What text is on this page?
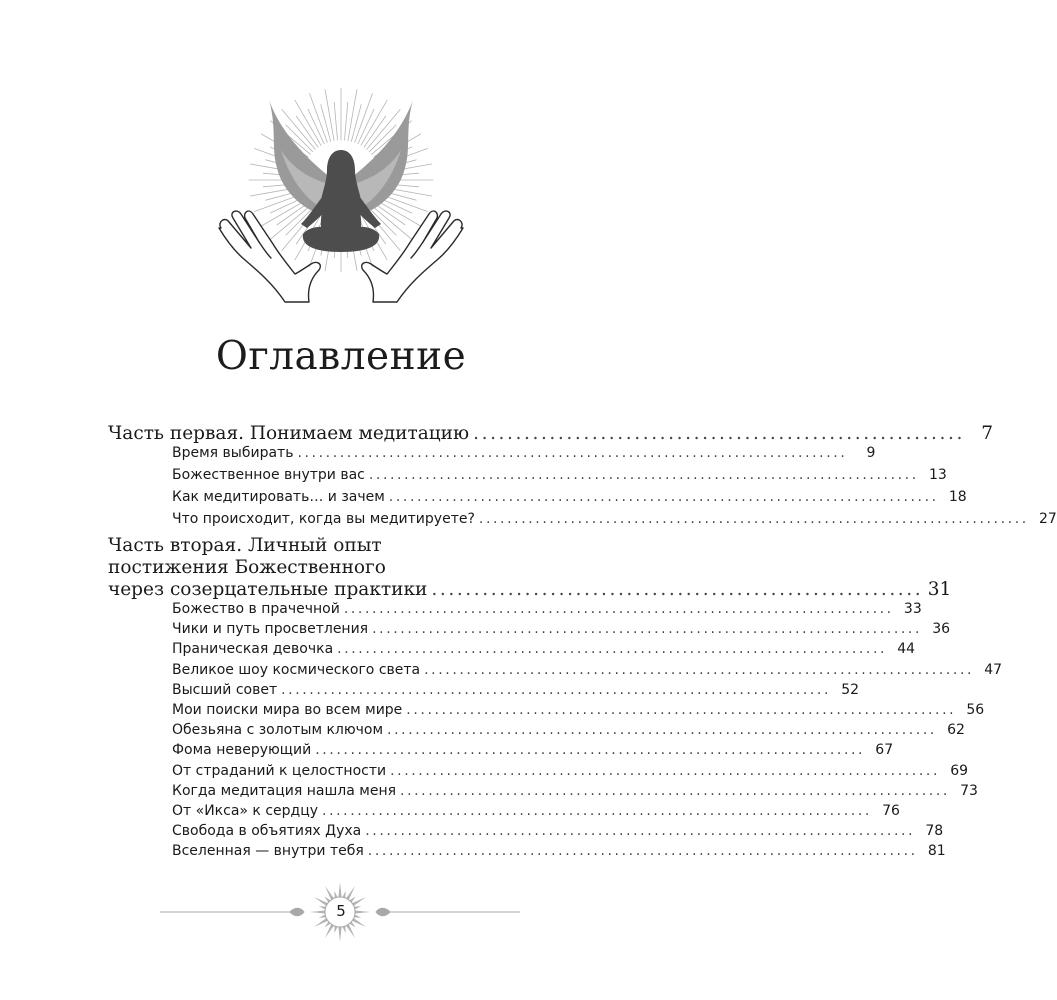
Оглавление
Часть первая. Понимаем медитацию .......................................................... 7
Время выбирать ..............................................................................	9
Божественное внутри вас .............................................................................. 13
Как медитировать… и зачем .............................................................................. 18
Что происходит, когда вы медитируете? .............................................................................. 27
Часть вторая. Личный опыт
постижения Божественного
через созерцательные практики .......................................................... 31
Божество в прачечной .............................................................................. 33
Чики и путь просветления .............................................................................. 36
Праническая девочка .............................................................................. 44
Великое шоу космического света .............................................................................. 47
Высший совет .............................................................................. 52
Мои поиски мира во всем мире .............................................................................. 56
Обезьяна с золотым ключом .............................................................................. 62
Фома неверующий .............................................................................. 67
От страданий к целостности .............................................................................. 69
Когда медитация нашла меня .............................................................................. 73
От «Икса» к сердцу .............................................................................. 76
Свобода в объятиях Духа .............................................................................. 78
Вселенная — внутри тебя .............................................................................. 81
5
